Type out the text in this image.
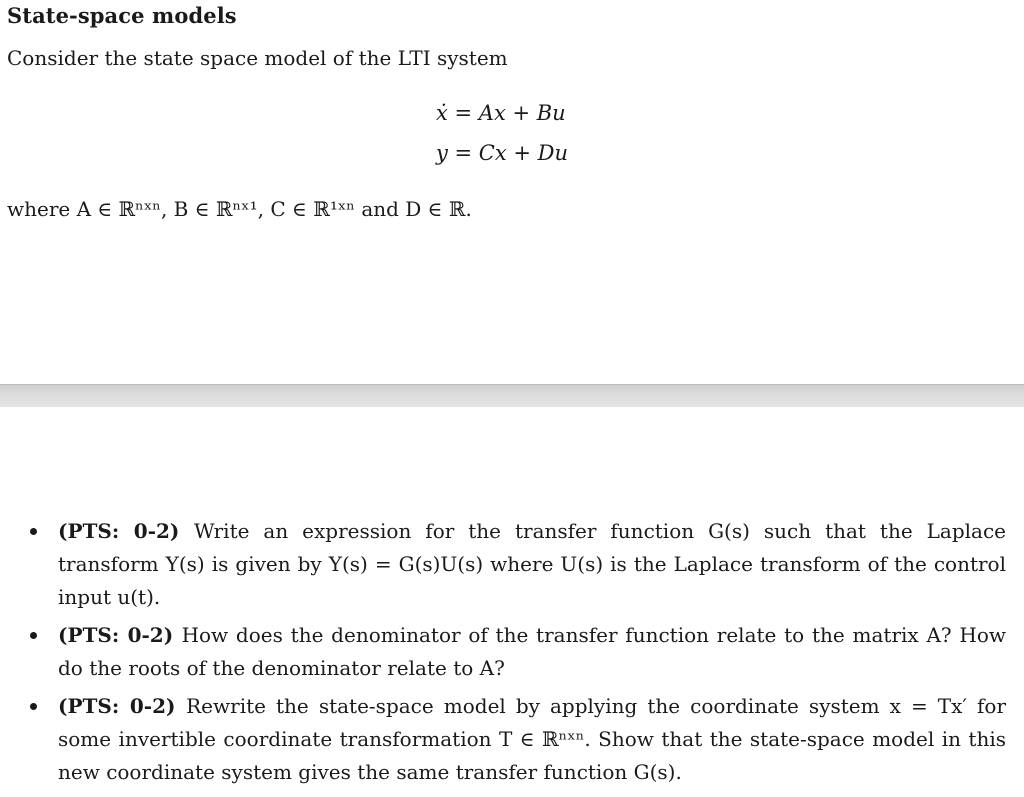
State-space models
Consider the state space model of the LTI system
ẋ = Ax + Bu
y = Cx + Du
where A ∈ ℝⁿˣⁿ, B ∈ ℝⁿˣ¹, C ∈ ℝ¹ˣⁿ and D ∈ ℝ.
(PTS: 0-2) Write an expression for the transfer function G(s) such that the Laplace transform Y(s) is given by Y(s) = G(s)U(s) where U(s) is the Laplace transform of the control input u(t).
(PTS: 0-2) How does the denominator of the transfer function relate to the matrix A? How do the roots of the denominator relate to A?
(PTS: 0-2) Rewrite the state-space model by applying the coordinate system x = Tx′ for some invertible coordinate transformation T ∈ ℝⁿˣⁿ. Show that the state-space model in this new coordinate system gives the same transfer function G(s).
